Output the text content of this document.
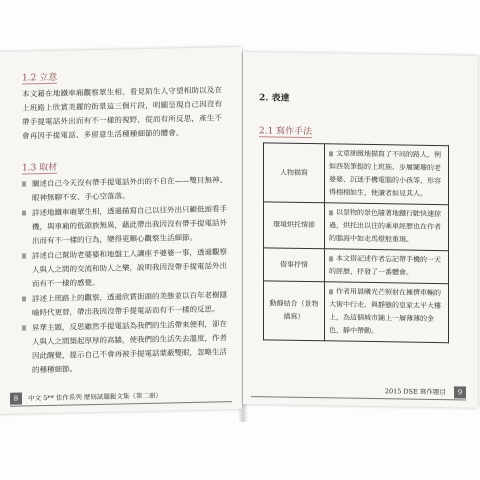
1.2 立意
本文藉在地鐵車廂觀察眾生相、看見陌生人守望相助以及在上班路上欣賞美麗的街景這三個片段，明顯呈現自己因沒有帶手提電話外出而有不一樣的視野，從而有所反思，產生不會再因手提電話、多留意生活種種細節的體會。
1.3 取材
闡述自己今天沒有帶手提電話外出的不自在——雙目無神、眼神無聊不安、手心空落落。
詳述地鐵車廂眾生相，透過描寫自己以往外出只顧低頭看手機，與車廂的低頭族無異，藉此帶出我因沒有帶手提電話外出而有不一樣的行為，變得更願心觀察生活細節。
詳述自己幫助老婆婆和地盤工人讓座予婆婆一事，透過觀察人與人之間的交流和助人之樂，說明我因沒帶手提電話外出而有不一樣的感覺。
詳述上班路上的觀察，透過欣賞街頭的美態並以百年老樹隱喻時代更替，帶出我因沒帶手提電話而有不一樣的反思。
昇華主題，反思雖然手提電話為我們的生活帶來便利，卻在人與人之間築起厚厚的高牆，使我們的生活失去溫度，作者因此醒覺，提示自己不會再被手提電話蒙蔽雙眼，忽略生活的種種細節。
8 中文 5** 佳作系列 歷屆試題範文集（第二冊）
2. 表達
2.1 寫作手法
人物描寫	文章細緻地描寫了不同的路人，例如西裝筆挺的上班族、步履闌珊的老婆婆、沉迷手機電腦的小孩等，形容得栩栩如生，使讀者如見其人。
環境烘托情節	以景物的景色隨著地鐵行駛快速掠過，烘托出以往的乘車經歷也在作者的腦海中如走馬燈般重現。
借事抒情	本文借記述作者忘記帶手機的一天的經歷，抒發了一番體會。
動靜結合（景物描寫）	作者用晨曦光芒照射在擁擠車輛的大街中行走，與靜態的皇家太平大樓上，為這個城市鋪上一層薄薄的金色，靜中帶動。
2015 DSE 寫作題目 9
